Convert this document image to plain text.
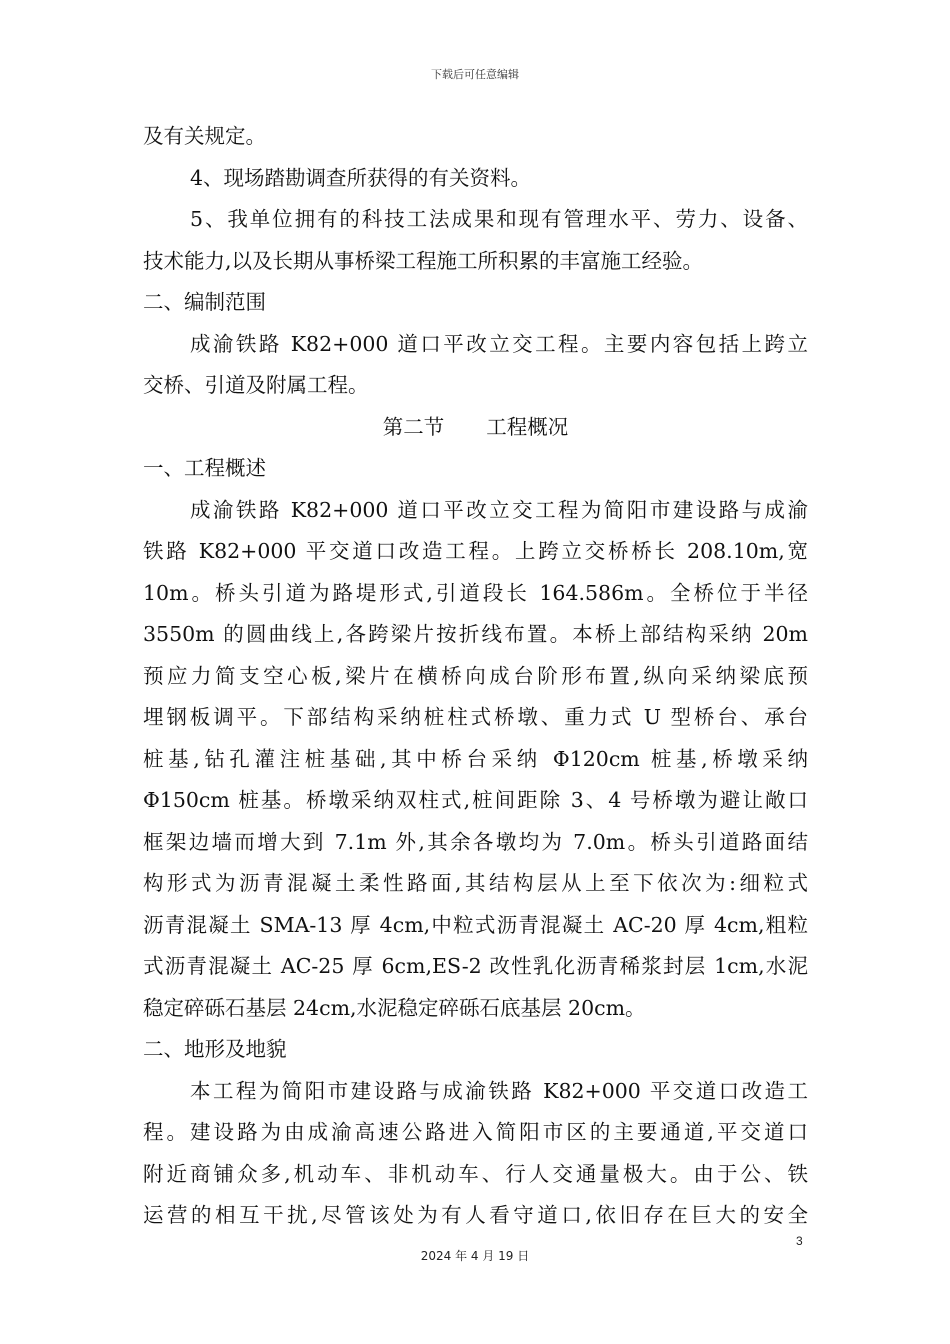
下载后可任意编辑
及有关规定。
4、现场踏勘调查所获得的有关资料。
5、我单位拥有的科技工法成果和现有管理水平、劳力、设备、
技术能力,以及长期从事桥梁工程施工所积累的丰富施工经验。
二、编制范围
成渝铁路 K82+000 道口平改立交工程。主要内容包括上跨立
交桥、引道及附属工程。
第二节 工程概况
一、工程概述
成渝铁路 K82+000 道口平改立交工程为简阳市建设路与成渝
铁路 K82+000 平交道口改造工程。上跨立交桥桥长 208.10m,宽
10m。桥头引道为路堤形式,引道段长 164.586m。全桥位于半径
3550m 的圆曲线上,各跨梁片按折线布置。本桥上部结构采纳 20m
预应力简支空心板,梁片在横桥向成台阶形布置,纵向采纳梁底预
埋钢板调平。下部结构采纳桩柱式桥墩、重力式 U 型桥台、承台
桩基,钻孔灌注桩基础,其中桥台采纳 Φ120cm 桩基,桥墩采纳
Φ150cm 桩基。桥墩采纳双柱式,桩间距除 3、4 号桥墩为避让敞口
框架边墙而增大到 7.1m 外,其余各墩均为 7.0m。桥头引道路面结
构形式为沥青混凝土柔性路面,其结构层从上至下依次为:细粒式
沥青混凝土 SMA-13 厚 4cm,中粒式沥青混凝土 AC-20 厚 4cm,粗粒
式沥青混凝土 AC-25 厚 6cm,ES-2 改性乳化沥青稀浆封层 1cm,水泥
稳定碎砾石基层 24cm,水泥稳定碎砾石底基层 20cm。
二、地形及地貌
本工程为简阳市建设路与成渝铁路 K82+000 平交道口改造工
程。建设路为由成渝高速公路进入简阳市区的主要通道,平交道口
附近商铺众多,机动车、非机动车、行人交通量极大。由于公、铁
运营的相互干扰,尽管该处为有人看守道口,依旧存在巨大的安全
3
2024 年 4 月 19 日
